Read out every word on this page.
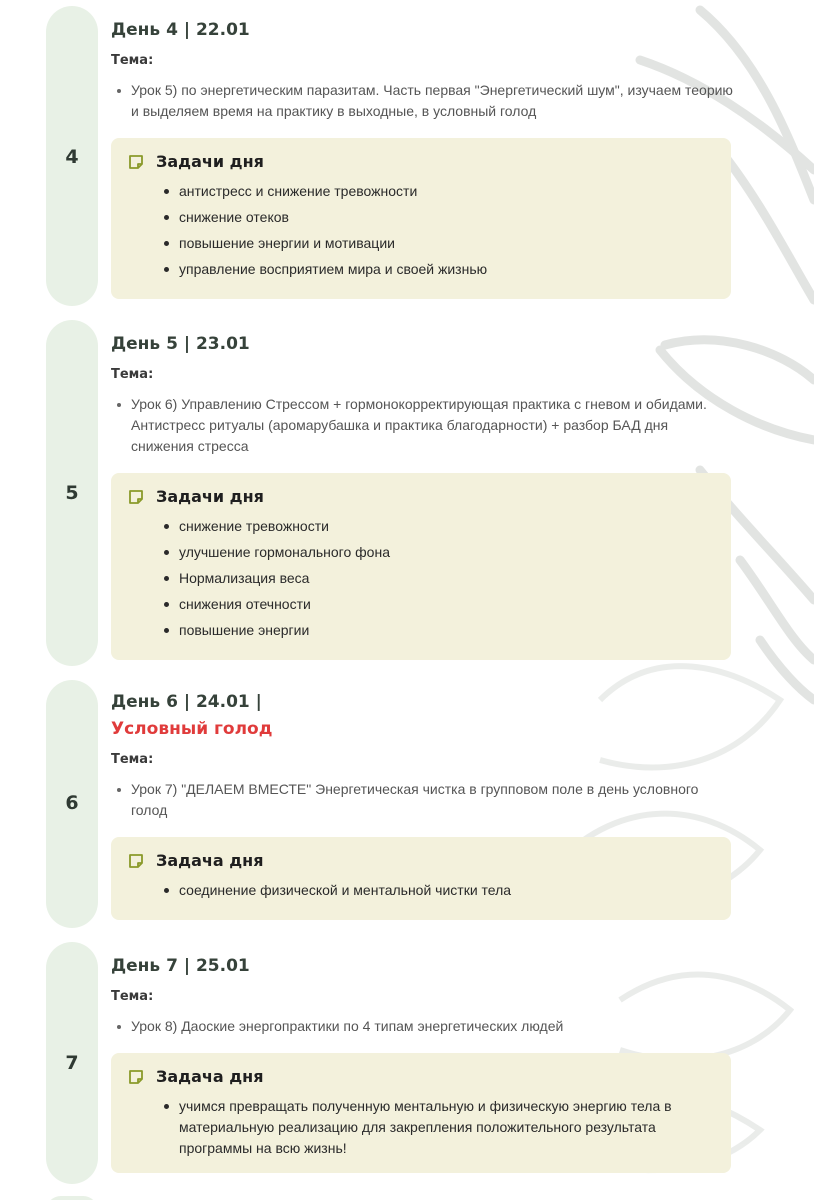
4
День 4 | 22.01
Тема:
Урок 5) по энергетическим паразитам. Часть первая "Энергетический шум", изучаем теорию и выделяем время на практику в выходные, в условный голод
Задачи дня
антистресс и снижение тревожности
снижение отеков
повышение энергии и мотивации
управление восприятием мира и своей жизнью
5
День 5 | 23.01
Тема:
Урок 6) Управлению Стрессом + гормонокорректирующая практика с гневом и обидами. Антистресс ритуалы (аромарубашка и практика благодарности) + разбор БАД дня снижения стресса
Задачи дня
снижение тревожности
улучшение гормонального фона
Нормализация веса
снижения отечности
повышение энергии
6
День 6 | 24.01 |
Условный голод
Тема:
Урок 7) "ДЕЛАЕМ ВМЕСТЕ" Энергетическая чистка в групповом поле в день условного голод
Задача дня
соединение физической и ментальной чистки тела
7
День 7 | 25.01
Тема:
Урок 8) Даоские энергопрактики по 4 типам энергетических людей
Задача дня
учимся превращать полученную ментальную и физическую энергию тела в материальную реализацию для закрепления положительного результата программы на всю жизнь!
